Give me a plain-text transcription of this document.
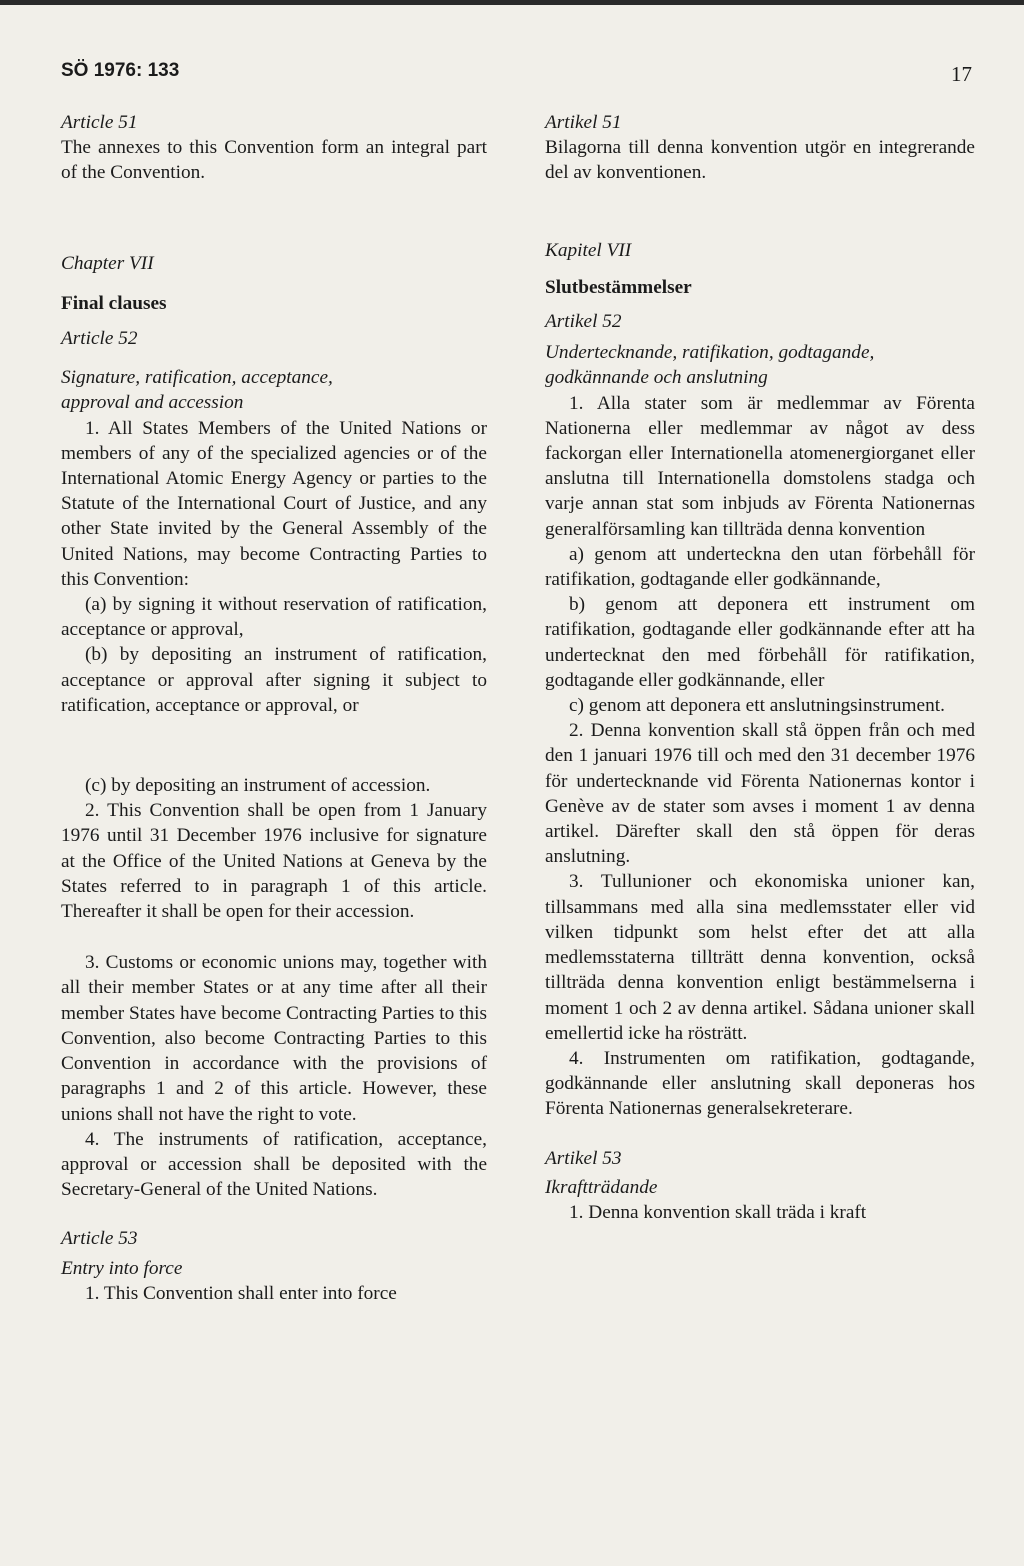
SÖ 1976: 133	17

Article 51

The annexes to this Convention form an integral part of the Convention.

Chapter VII

Final clauses

Article 52

Signature, ratification, acceptance,

approval and accession

1. All States Members of the United Nations or members of any of the specialized agencies or of the International Atomic Energy Agency or parties to the Statute of the International Court of Justice, and any other State invited by the General Assembly of the United Nations, may become Contracting Parties to this Convention:

(a) by signing it without reservation of ratification, acceptance or approval,

(b) by depositing an instrument of ratification, acceptance or approval after signing it subject to ratification, acceptance or approval, or

(c) by depositing an instrument of accession.

2. This Convention shall be open from 1 January 1976 until 31 December 1976 inclusive for signature at the Office of the United Nations at Geneva by the States referred to in paragraph 1 of this article. Thereafter it shall be open for their accession.

3. Customs or economic unions may, together with all their member States or at any time after all their member States have become Contracting Parties to this Convention, also become Contracting Parties to this Convention in accordance with the provisions of paragraphs 1 and 2 of this article. However, these unions shall not have the right to vote.

4. The instruments of ratification, acceptance, approval or accession shall be deposited with the Secretary-General of the United Nations.

Article 53

Entry into force

1. This Convention shall enter into force

Artikel 51

Bilagorna till denna konvention utgör en integrerande del av konventionen.

Kapitel VII

Slutbestämmelser

Artikel 52

Undertecknande, ratifikation, godtagande,

godkännande och anslutning

1. Alla stater som är medlemmar av Förenta Nationerna eller medlemmar av något av dess fackorgan eller Internationella atomenergiorganet eller anslutna till Internationella domstolens stadga och varje annan stat som inbjuds av Förenta Nationernas generalförsamling kan tillträda denna konvention

a) genom att underteckna den utan förbehåll för ratifikation, godtagande eller godkännande,

b) genom att deponera ett instrument om ratifikation, godtagande eller godkännande efter att ha undertecknat den med förbehåll för ratifikation, godtagande eller godkännande, eller

c) genom att deponera ett anslutningsinstrument.

2. Denna konvention skall stå öppen från och med den 1 januari 1976 till och med den 31 december 1976 för undertecknande vid Förenta Nationernas kontor i Genève av de stater som avses i moment 1 av denna artikel. Därefter skall den stå öppen för deras anslutning.

3. Tullunioner och ekonomiska unioner kan, tillsammans med alla sina medlemsstater eller vid vilken tidpunkt som helst efter det att alla medlemsstaterna tillträtt denna konvention, också tillträda denna konvention enligt bestämmelserna i moment 1 och 2 av denna artikel. Sådana unioner skall emellertid icke ha rösträtt.

4. Instrumenten om ratifikation, godtagande, godkännande eller anslutning skall deponeras hos Förenta Nationernas generalsekreterare.

Artikel 53

Ikraftträdande

1. Denna konvention skall träda i kraft
